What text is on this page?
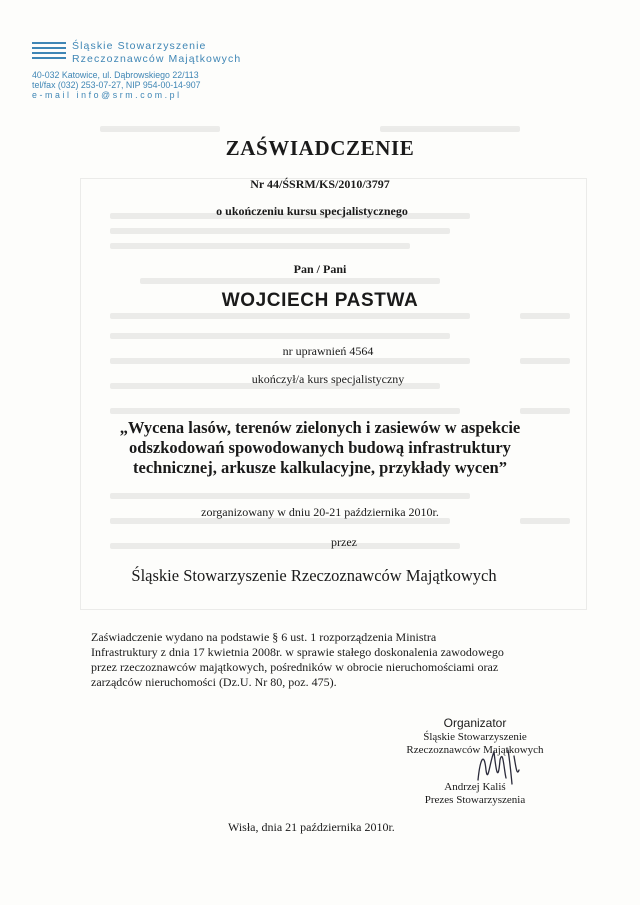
Śląskie Stowarzyszenie
Rzeczoznawców Majątkowych
40-032 Katowice, ul. Dąbrowskiego 22/113
tel/fax (032) 253-07-27, NIP 954-00-14-907
e-mail info@srm.com.pl
ZAŚWIADCZENIE
Nr 44/ŚSRM/KS/2010/3797
o ukończeniu kursu specjalistycznego
Pan / Pani
WOJCIECH PASTWA
nr uprawnień 4564
ukończył/a kurs specjalistyczny
„Wycena lasów, terenów zielonych i zasiewów w aspekcie
odszkodowań spowodowanych budową infrastruktury
technicznej, arkusze kalkulacyjne, przykłady wycen”
zorganizowany w dniu 20-21 października 2010r.
przez
Śląskie Stowarzyszenie Rzeczoznawców Majątkowych
Zaświadczenie wydano na podstawie § 6 ust. 1 rozporządzenia Ministra
Infrastruktury z dnia 17 kwietnia 2008r. w sprawie stałego doskonalenia zawodowego
przez rzeczoznawców majątkowych, pośredników w obrocie nieruchomościami oraz
zarządców nieruchomości (Dz.U. Nr 80, poz. 475).
Organizator
Śląskie Stowarzyszenie
Rzeczoznawców Majątkowych
Andrzej Kaliś
Prezes Stowarzyszenia
Wisła, dnia 21 października 2010r.
